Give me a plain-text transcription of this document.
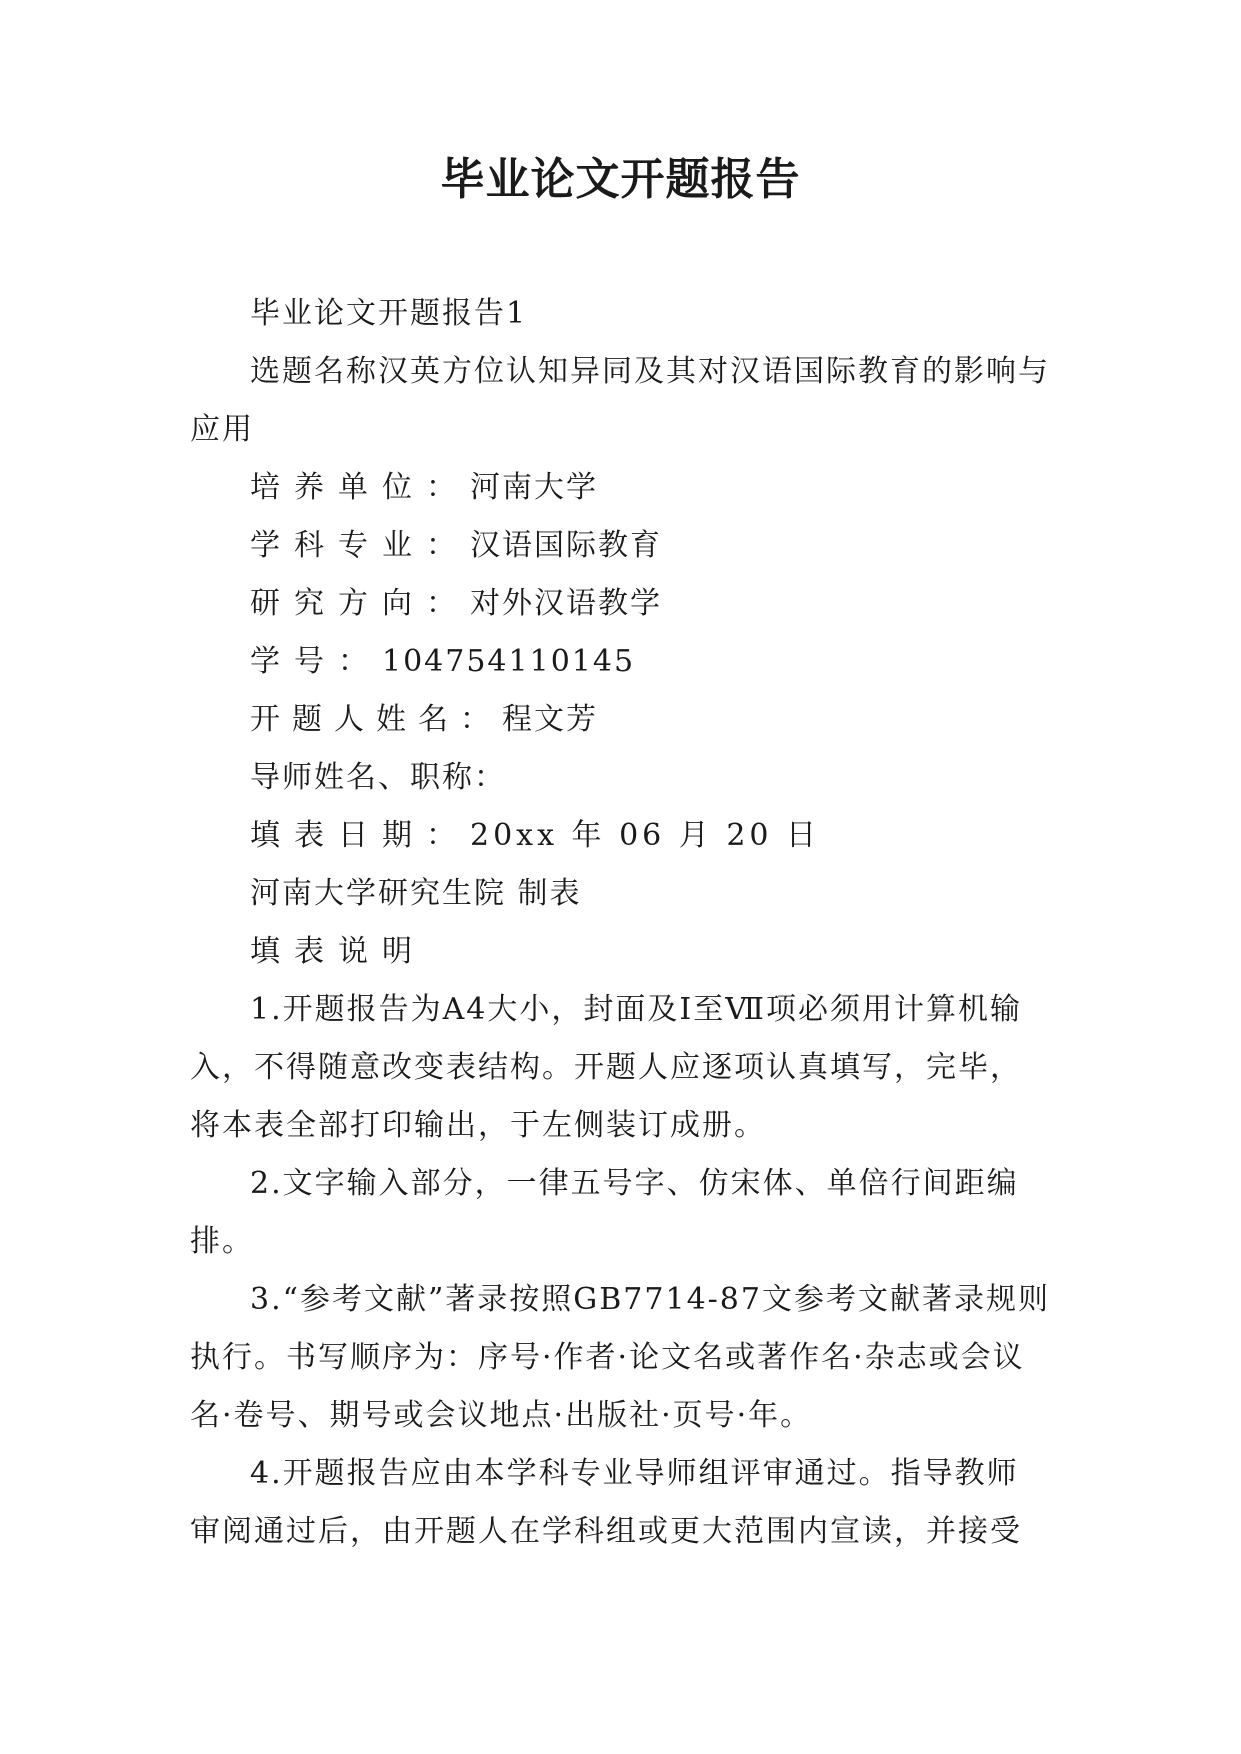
毕业论文开题报告

毕业论文开题报告1

选题名称汉英方位认知异同及其对汉语国际教育的影响与应用

培养单位：河南大学

学科专业：汉语国际教育

研究方向：对外汉语教学

学号：104754110145

开题人姓名：程文芳

导师姓名、职称：

填表日期：20xx 年 06 月 20 日

河南大学研究生院 制表

填表说明

1.开题报告为A4大小，封面及Ⅰ至Ⅶ项必须用计算机输入，不得随意改变表结构。开题人应逐项认真填写，完毕，将本表全部打印输出，于左侧装订成册。

2.文字输入部分，一律五号字、仿宋体、单倍行间距编排。

3.“参考文献”著录按照GB7714-87文参考文献著录规则执行。书写顺序为：序号·作者·论文名或著作名·杂志或会议名·卷号、期号或会议地点·出版社·页号·年。

4.开题报告应由本学科专业导师组评审通过。指导教师审阅通过后，由开题人在学科组或更大范围内宣读，并接受
